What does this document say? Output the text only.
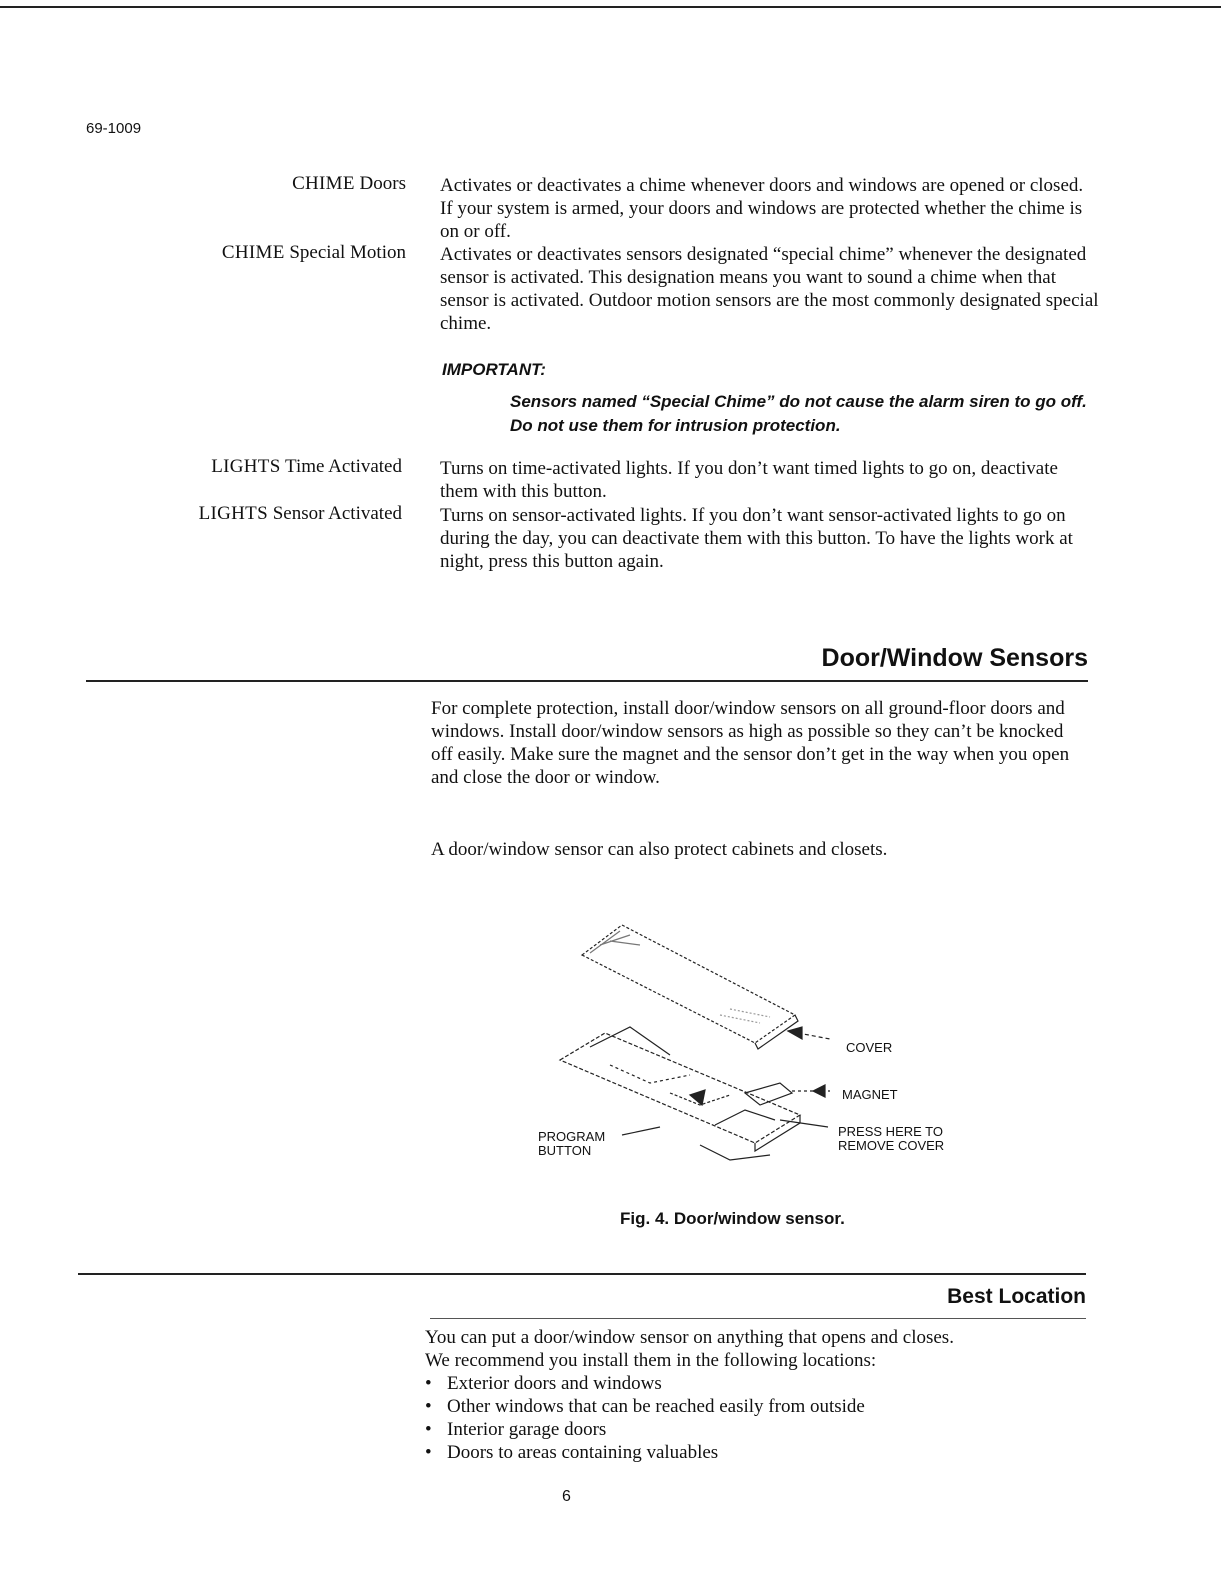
69-1009
CHIME Doors
CHIME Special Motion
LIGHTS Time Activated
LIGHTS Sensor Activated
Activates or deactivates a chime whenever doors and windows are opened or closed. If your system is armed, your doors and windows are protected whether the chime is on or off.
Activates or deactivates sensors designated “special chime” whenever the designated sensor is activated. This designation means you want to sound a chime when that sensor is activated. Outdoor motion sensors are the most commonly designated special chime.
IMPORTANT:
Sensors named “Special Chime” do not cause the alarm siren to go off. Do not use them for intrusion protection.
Turns on time-activated lights. If you don’t want timed lights to go on, deactivate them with this button.
Turns on sensor-activated lights. If you don’t want sensor-activated lights to go on during the day, you can deactivate them with this button. To have the lights work at night, press this button again.
Door/Window Sensors
For complete protection, install door/window sensors on all ground-floor doors and windows. Install door/window sensors as high as possible so they can’t be knocked off easily. Make sure the magnet and the sensor don’t get in the way when you open and close the door or window.
A door/window sensor can also protect cabinets and closets.
COVER
MAGNET
PRESS HERE TO
REMOVE COVER
PROGRAM
BUTTON
Fig. 4. Door/window sensor.
Best Location
You can put a door/window sensor on anything that opens and closes.
We recommend you install them in the following locations:
• Exterior doors and windows
• Other windows that can be reached easily from outside
• Interior garage doors
• Doors to areas containing valuables
6
